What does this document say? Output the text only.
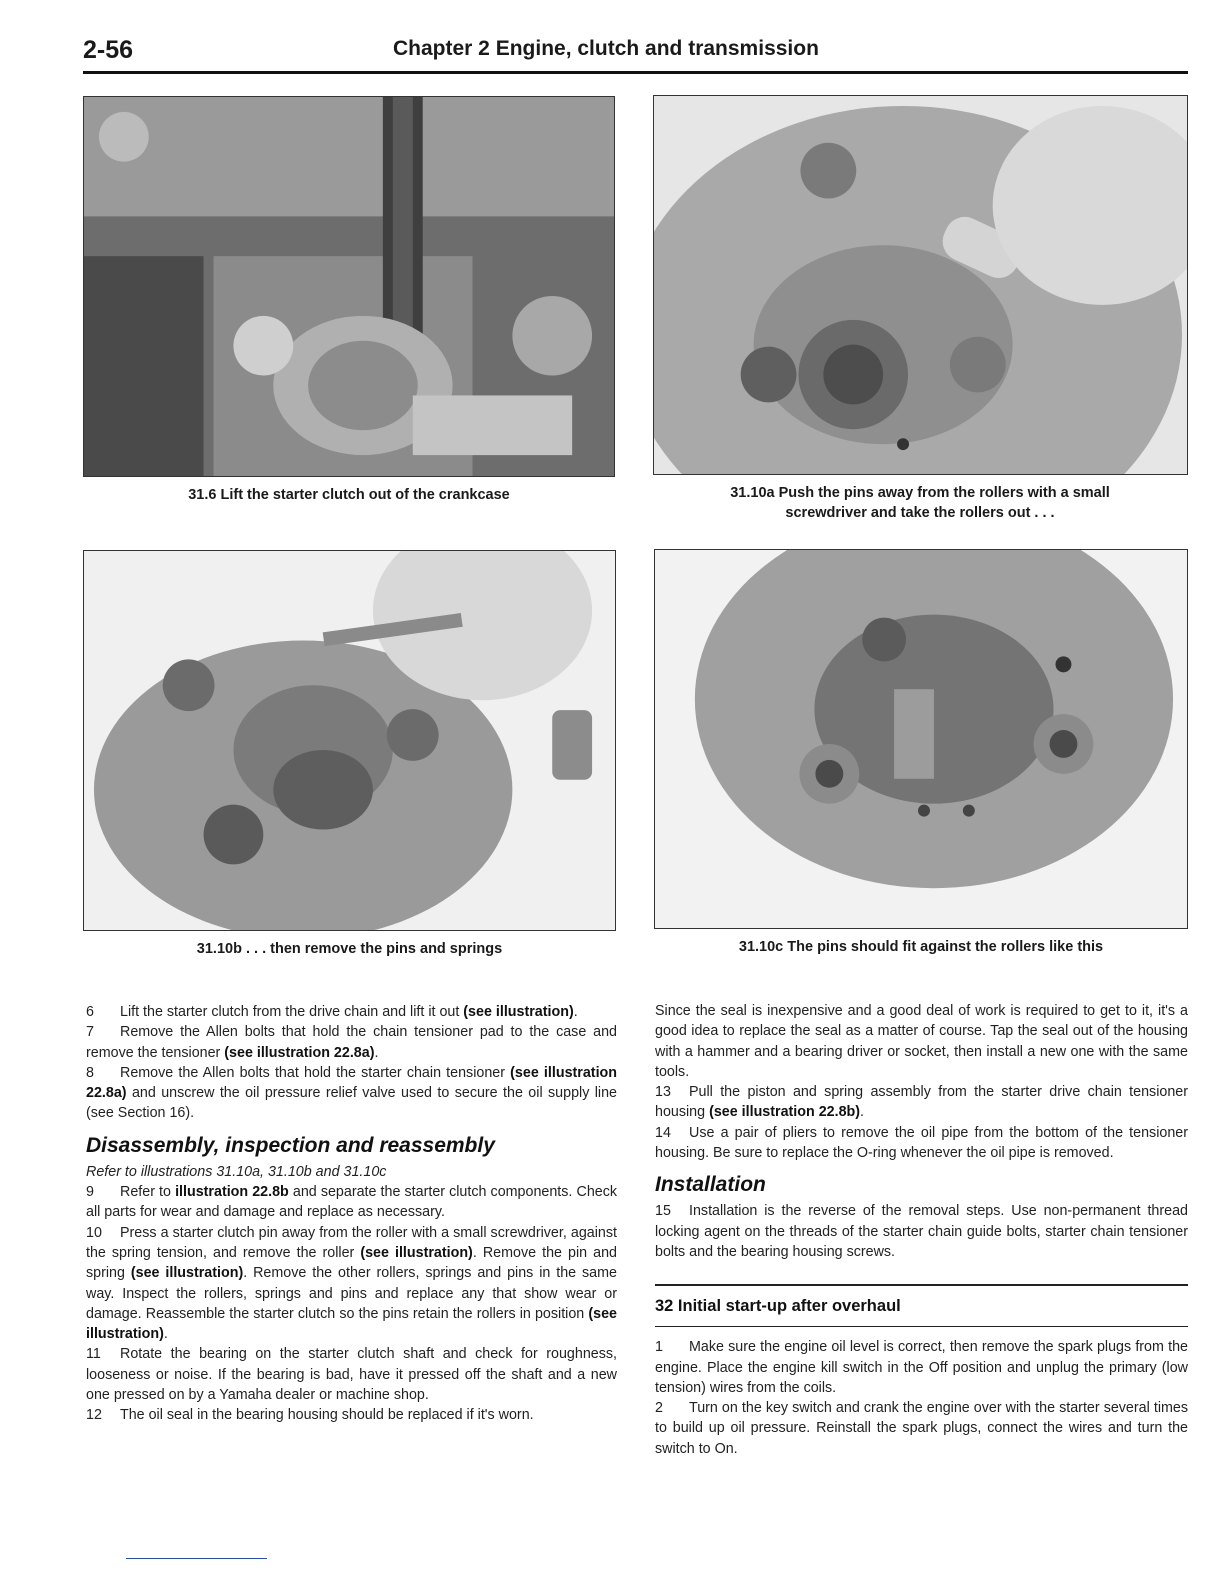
2-56	Chapter 2 Engine, clutch and transmission
31.6 Lift the starter clutch out of the crankcase	31.10a Push the pins away from the rollers with a small screwdriver and take the rollers out . . .
31.10b . . . then remove the pins and springs	31.10c The pins should fit against the rollers like this

6 Lift the starter clutch from the drive chain and lift it out (see illustration).

7 Remove the Allen bolts that hold the chain tensioner pad to the case and remove the tensioner (see illustration 22.8a).

8 Remove the Allen bolts that hold the starter chain tensioner (see illustration 22.8a) and unscrew the oil pressure relief valve used to secure the oil supply line (see Section 16).

Disassembly, inspection and reassembly

Refer to illustrations 31.10a, 31.10b and 31.10c

9 Refer to illustration 22.8b and separate the starter clutch components. Check all parts for wear and damage and replace as necessary.

10 Press a starter clutch pin away from the roller with a small screwdriver, against the spring tension, and remove the roller (see illustration). Remove the pin and spring (see illustration). Remove the other rollers, springs and pins in the same way. Inspect the rollers, springs and pins and replace any that show wear or damage. Reassemble the starter clutch so the pins retain the rollers in position (see illustration).

11 Rotate the bearing on the starter clutch shaft and check for roughness, looseness or noise. If the bearing is bad, have it pressed off the shaft and a new one pressed on by a Yamaha dealer or machine shop.

12 The oil seal in the bearing housing should be replaced if it's worn.

Since the seal is inexpensive and a good deal of work is required to get to it, it's a good idea to replace the seal as a matter of course. Tap the seal out of the housing with a hammer and a bearing driver or socket, then install a new one with the same tools.

13 Pull the piston and spring assembly from the starter drive chain tensioner housing (see illustration 22.8b).

14 Use a pair of pliers to remove the oil pipe from the bottom of the tensioner housing. Be sure to replace the O-ring whenever the oil pipe is removed.

Installation

15 Installation is the reverse of the removal steps. Use non-permanent thread locking agent on the threads of the starter chain guide bolts, starter chain tensioner bolts and the bearing housing screws.

32 Initial start-up after overhaul

1 Make sure the engine oil level is correct, then remove the spark plugs from the engine. Place the engine kill switch in the Off position and unplug the primary (low tension) wires from the coils.

2 Turn on the key switch and crank the engine over with the starter several times to build up oil pressure. Reinstall the spark plugs, connect the wires and turn the switch to On.
